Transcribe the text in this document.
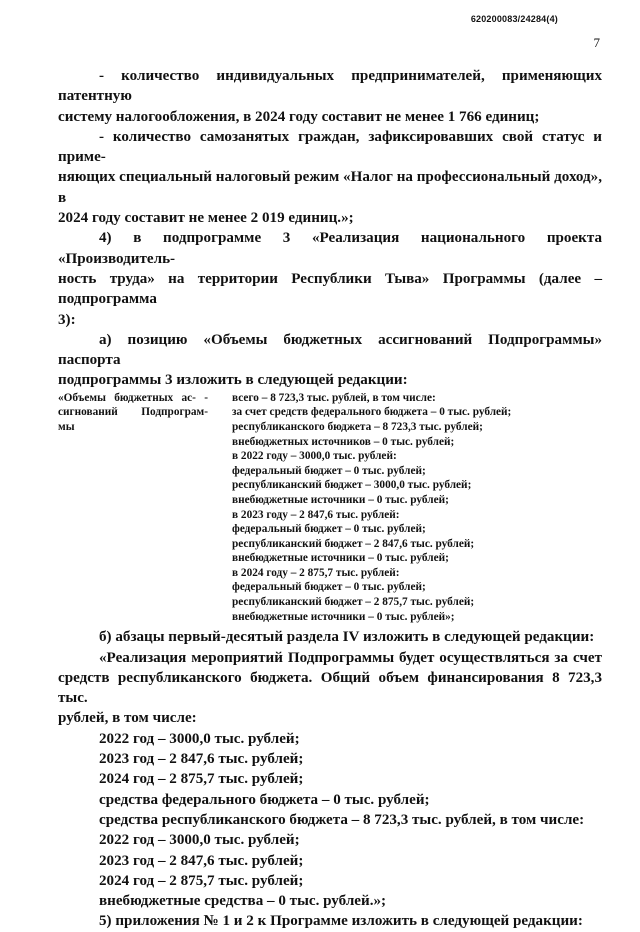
620200083/24284(4)
7

- количество индивидуальных предпринимателей, применяющих патентную
систему налогообложения, в 2024 году составит не менее 1 766 единиц;

- количество самозанятых граждан, зафиксировавших свой статус и приме-
няющих специальный налоговый режим «Налог на профессиональный доход», в
2024 году составит не менее 2 019 единиц.»;

4) в подпрограмме 3 «Реализация национального проекта «Производитель-
ность труда» на территории Республики Тыва» Программы (далее – подпрограмма
3):

а) позицию «Объемы бюджетных ассигнований Подпрограммы» паспорта
подпрограммы 3 изложить в следующей редакции:

«Объемы бюджетных ас- -
сигнований Подпрограм-
мы
всего – 8 723,3 тыс. рублей, в том числе:
за счет средств федерального бюджета – 0 тыс. рублей;
республиканского бюджета – 8 723,3 тыс. рублей;
внебюджетных источников – 0 тыс. рублей;
в 2022 году – 3000,0 тыс. рублей:
федеральный бюджет – 0 тыс. рублей;
республиканский бюджет – 3000,0 тыс. рублей;
внебюджетные источники – 0 тыс. рублей;
в 2023 году – 2 847,6 тыс. рублей:
федеральный бюджет – 0 тыс. рублей;
республиканский бюджет – 2 847,6 тыс. рублей;
внебюджетные источники – 0 тыс. рублей;
в 2024 году – 2 875,7 тыс. рублей:
федеральный бюджет – 0 тыс. рублей;
республиканский бюджет – 2 875,7 тыс. рублей;
внебюджетные источники – 0 тыс. рублей»;

б) абзацы первый-десятый раздела IV изложить в следующей редакции:

«Реализация мероприятий Подпрограммы будет осуществляться за счет
средств республиканского бюджета. Общий объем финансирования 8 723,3 тыс.
рублей, в том числе:

2022 год – 3000,0 тыс. рублей;

2023 год – 2 847,6 тыс. рублей;

2024 год – 2 875,7 тыс. рублей;

средства федерального бюджета – 0 тыс. рублей;

средства республиканского бюджета – 8 723,3 тыс. рублей, в том числе:

2022 год – 3000,0 тыс. рублей;

2023 год – 2 847,6 тыс. рублей;

2024 год – 2 875,7 тыс. рублей;

внебюджетные средства – 0 тыс. рублей.»;

5) приложения № 1 и 2 к Программе изложить в следующей редакции:
